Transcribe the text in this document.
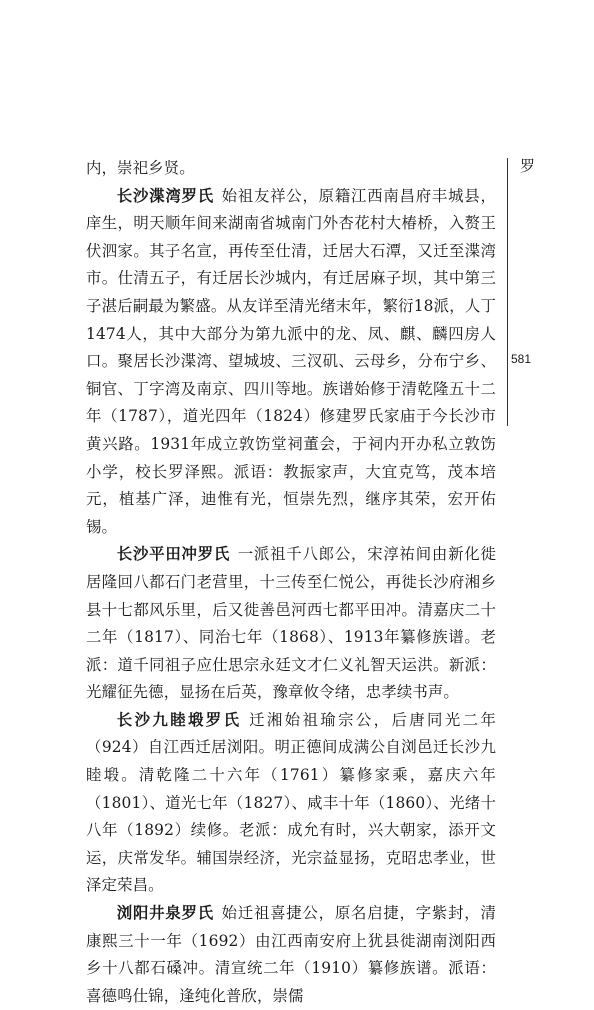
罗
581

内，崇祀乡贤。

长沙渫湾罗氏 始祖友祥公，原籍江西南昌府丰城县，庠生，明天顺年间来湖南省城南门外杏花村大椿桥，入赘王伏泗家。其子名宣，再传至仕清，迁居大石潭，又迁至渫湾市。仕清五子，有迁居长沙城内，有迁居麻子坝，其中第三子湛后嗣最为繁盛。从友详至清光绪末年，繁衍18派，人丁1474人，其中大部分为第九派中的龙、凤、麒、麟四房人口。聚居长沙渫湾、望城坡、三汊矶、云母乡，分布宁乡、铜官、丁字湾及南京、四川等地。族谱始修于清乾隆五十二年（1787），道光四年（1824）修建罗氏家庙于今长沙市黄兴路。1931年成立敦饬堂祠董会，于祠内开办私立敦饬小学，校长罗泽熙。派语：教振家声，大宜克笃，茂本培元，植基广泽，迪惟有光，恒崇先烈，继序其荣，宏开佑锡。

长沙平田冲罗氏 一派祖千八郎公，宋淳祐间由新化徙居隆回八都石门老营里，十三传至仁悦公，再徙长沙府湘乡县十七都风乐里，后又徙善邑河西七都平田冲。清嘉庆二十二年（1817）、同治七年（1868）、1913年纂修族谱。老派：道千同祖子应仕思宗永廷文才仁义礼智天运洪。新派：光耀征先德，显扬在后英，豫章攸令绪，忠孝续书声。

长沙九睦塅罗氏 迁湘始祖瑜宗公，后唐同光二年（924）自江西迁居浏阳。明正德间成满公自浏邑迁长沙九睦塅。清乾隆二十六年（1761）纂修家乘，嘉庆六年（1801）、道光七年（1827）、咸丰十年（1860）、光绪十八年（1892）续修。老派：成允有时，兴大朝家，添开文运，庆常发华。辅国崇经济，光宗益显扬，克昭忠孝业，世泽定荣昌。

浏阳井泉罗氏 始迁祖喜捷公，原名启捷，字紫封，清康熙三十一年（1692）由江西南安府上犹县徙湖南浏阳西乡十八都石磉冲。清宣统二年（1910）纂修族谱。派语：喜德鸣仕锦，逢纯化普欣，崇儒
